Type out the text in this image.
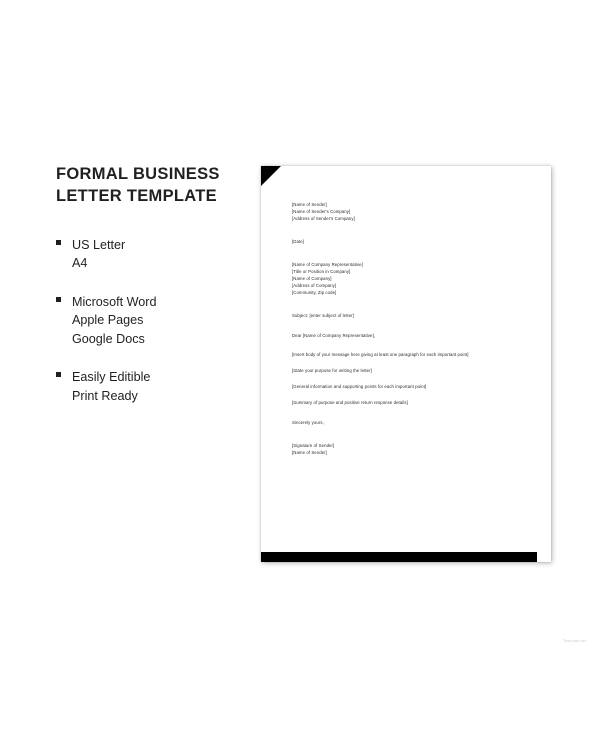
FORMAL BUSINESS LETTER TEMPLATE
US Letter
A4
Microsoft Word
Apple Pages
Google Docs
Easily Editible
Print Ready
[Name of Sender]
[Name of Sender's Company]
[Address of Sender's Company]
[Date]
[Name of Company Representative]
[Title or Position in Company]
[Name of Company]
[Address of Company]
[Community, Zip code]
Subject: [enter subject of letter]
Dear [Name of Company Representative],
[Insert body of your message here giving at least one paragraph for each important point]
[State your purpose for writing the letter]
[General information and supporting points for each important point]
[Summary of purpose and positive return response details]
Sincerely yours,
[Signature of Sender]
[Name of Sender]
Template.net
